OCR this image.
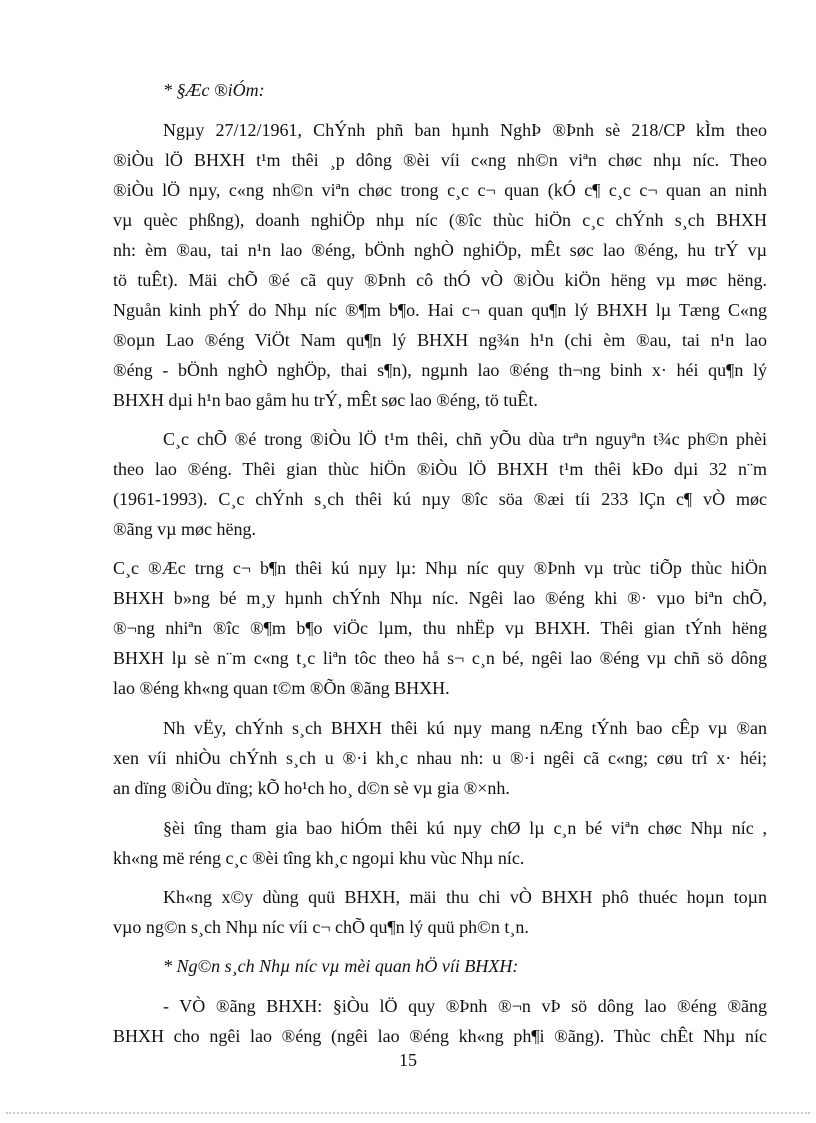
* §Æc ®iÓm:
Ngµy 27/12/1961, ChÝnh phñ ban hµnh NghÞ ®Þnh sè 218/CP kÌm theo
®iÒu lÖ BHXH t¹m thêi ¸p dông ®èi víi c«ng nh©n viªn chøc nhµ níc. Theo
®iÒu lÖ nµy, c«ng nh©n viªn chøc trong c¸c c¬ quan (kÓ c¶ c¸c c¬ quan an ninh
vµ quèc phßng), doanh nghiÖp nhµ níc (®îc thùc hiÖn c¸c chÝnh s¸ch BHXH
nh: èm ®au, tai n¹n lao ®éng, bÖnh nghÒ nghiÖp, mÊt søc lao ®éng, hu trÝ vµ
tö tuÊt). Mäi chÕ ®é cã quy ®Þnh cô thÓ vÒ ®iÒu kiÖn hëng vµ møc hëng.
Nguån kinh phÝ do Nhµ níc ®¶m b¶o. Hai c¬ quan qu¶n lý BHXH lµ Tæng C«ng
®oµn Lao ®éng ViÖt Nam qu¶n lý BHXH ng¾n h¹n (chi èm ®au, tai n¹n lao
®éng - bÖnh nghÒ nghÖp, thai s¶n), ngµnh lao ®éng th¬ng binh x· héi qu¶n lý
BHXH dµi h¹n bao gåm hu trÝ, mÊt søc lao ®éng, tö tuÊt.
C¸c chÕ ®é trong ®iÒu lÖ t¹m thêi, chñ yÕu dùa trªn nguyªn t¾c ph©n phèi
theo lao ®éng. Thêi gian thùc hiÖn ®iÒu lÖ BHXH t¹m thêi kÐo dµi 32 n¨m
(1961-1993). C¸c chÝnh s¸ch thêi kú nµy ®îc söa ®æi tíi 233 lÇn c¶ vÒ møc
®ãng vµ møc hëng.
C¸c ®Æc trng c¬ b¶n thêi kú nµy lµ: Nhµ níc quy ®Þnh vµ trùc tiÕp thùc hiÖn
BHXH b»ng bé m¸y hµnh chÝnh Nhµ níc. Ngêi lao ®éng khi ®· vµo biªn chÕ,
®¬ng nhiªn ®îc ®¶m b¶o viÖc lµm, thu nhËp vµ BHXH. Thêi gian tÝnh hëng
BHXH lµ sè n¨m c«ng t¸c liªn tôc theo hå s¬ c¸n bé, ngêi lao ®éng vµ chñ sö dông
lao ®éng kh«ng quan t©m ®Õn ®ãng BHXH.
Nh vËy, chÝnh s¸ch BHXH thêi kú nµy mang nÆng tÝnh bao cÊp vµ ®an
xen víi nhiÒu chÝnh s¸ch u ®·i kh¸c nhau nh: u ®·i ngêi cã c«ng; cøu trî x· héi;
an dïng ®iÒu dïng; kÕ ho¹ch ho¸ d©n sè vµ gia ®×nh.
§èi tîng tham gia bao hiÓm thêi kú nµy chØ lµ c¸n bé viªn chøc Nhµ níc ,
kh«ng më réng c¸c ®èi tîng kh¸c ngoµi khu vùc Nhµ níc.
Kh«ng x©y dùng quü BHXH, mäi thu chi vÒ BHXH phô thuéc hoµn toµn
vµo ng©n s¸ch Nhµ níc víi c¬ chÕ qu¶n lý quü ph©n t¸n.
* Ng©n s¸ch Nhµ níc vµ mèi quan hÖ víi BHXH:
- VÒ ®ãng BHXH: §iÒu lÖ quy ®Þnh ®¬n vÞ sö dông lao ®éng ®ãng
BHXH cho ngêi lao ®éng (ngêi lao ®éng kh«ng ph¶i ®ãng). Thùc chÊt Nhµ níc
15
